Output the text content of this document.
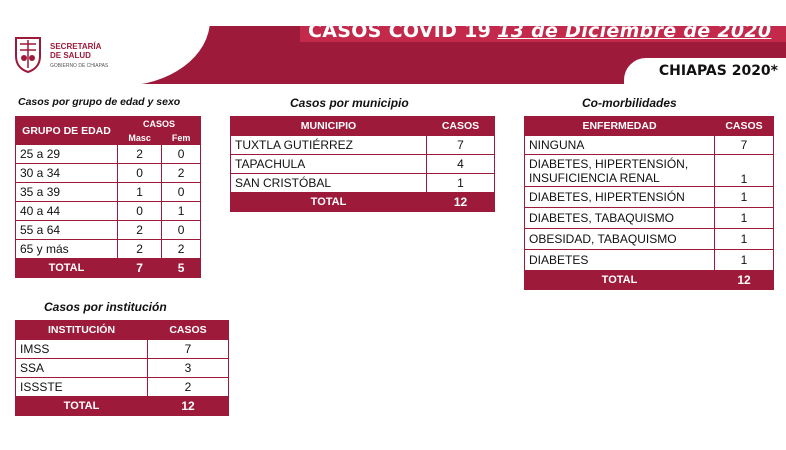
SECRETARÍA
DE SALUD
GOBIERNO DE CHIAPAS
CASOS COVID 19 13 de Diciembre de 2020
CHIAPAS 2020*
Casos por grupo de edad y sexo
GRUPO DE EDAD	CASOS	
	Masc	Fem
25 a 29	2	0
30 a 34	0	2
35 a 39	1	0
40 a 44	0	1
55 a 64	2	0
65 y más	2	2
TOTAL	7	5
Casos por municipio
MUNICIPIO	CASOS
TUXTLA GUTIÉRREZ	7
TAPACHULA	4
SAN CRISTÓBAL	1
TOTAL	12
Co-morbilidades
ENFERMEDAD	CASOS
NINGUNA	7
DIABETES, HIPERTENSIÓN, INSUFICIENCIA RENAL	1
DIABETES, HIPERTENSIÓN	1
DIABETES, TABAQUISMO	1
OBESIDAD, TABAQUISMO	1
DIABETES	1
TOTAL	12
Casos por institución
INSTITUCIÓN	CASOS
IMSS	7
SSA	3
ISSSTE	2
TOTAL	12
